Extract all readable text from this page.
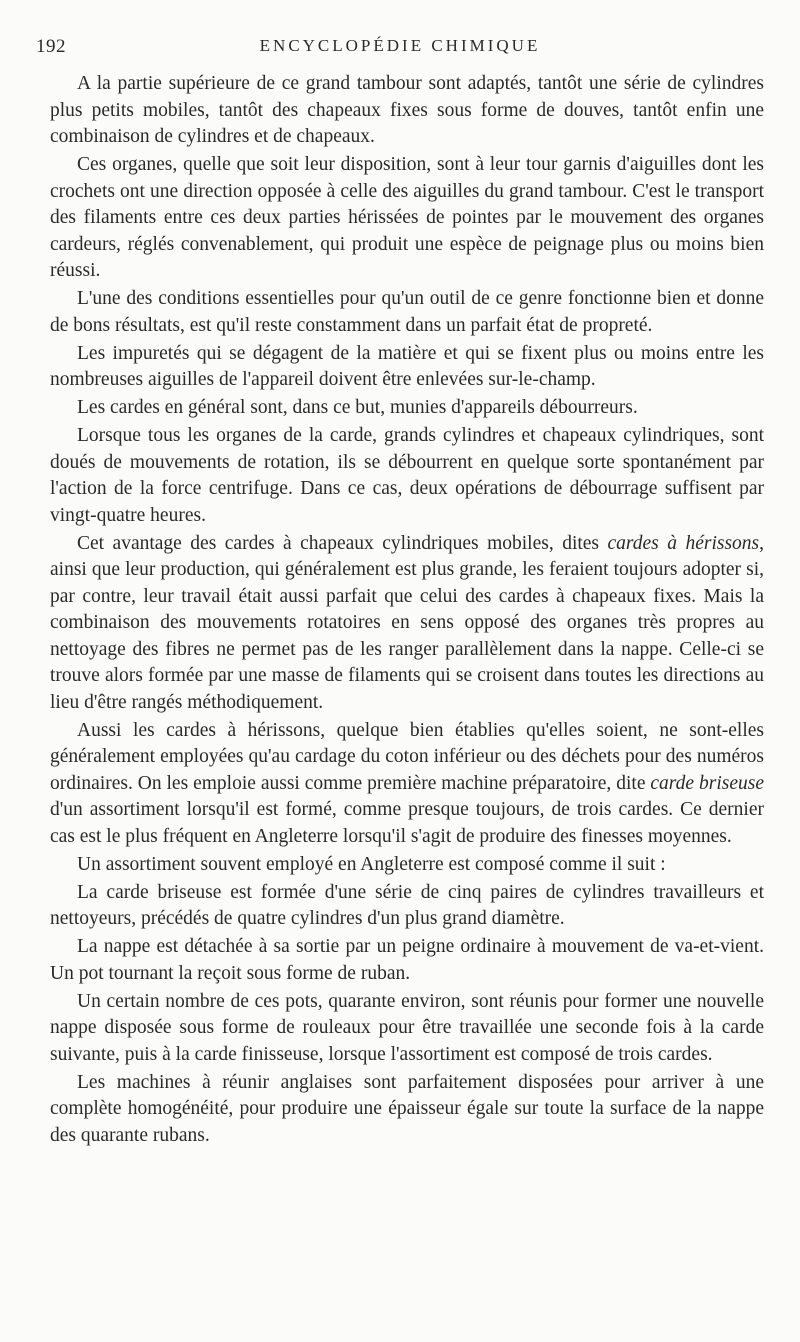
192	ENCYCLOPÉDIE CHIMIQUE

A la partie supérieure de ce grand tambour sont adaptés, tantôt une série de cylindres plus petits mobiles, tantôt des chapeaux fixes sous forme de douves, tantôt enfin une combinaison de cylindres et de chapeaux.

Ces organes, quelle que soit leur disposition, sont à leur tour garnis d'aiguilles dont les crochets ont une direction opposée à celle des aiguilles du grand tambour. C'est le transport des filaments entre ces deux parties hérissées de pointes par le mouvement des organes cardeurs, réglés convenablement, qui produit une espèce de peignage plus ou moins bien réussi.

L'une des conditions essentielles pour qu'un outil de ce genre fonctionne bien et donne de bons résultats, est qu'il reste constamment dans un parfait état de propreté.

Les impuretés qui se dégagent de la matière et qui se fixent plus ou moins entre les nombreuses aiguilles de l'appareil doivent être enlevées sur-le-champ.

Les cardes en général sont, dans ce but, munies d'appareils débourreurs.

Lorsque tous les organes de la carde, grands cylindres et chapeaux cylindriques, sont doués de mouvements de rotation, ils se débourrent en quelque sorte spontanément par l'action de la force centrifuge. Dans ce cas, deux opérations de débourrage suffisent par vingt-quatre heures.

Cet avantage des cardes à chapeaux cylindriques mobiles, dites cardes à hérissons, ainsi que leur production, qui généralement est plus grande, les feraient toujours adopter si, par contre, leur travail était aussi parfait que celui des cardes à chapeaux fixes. Mais la combinaison des mouvements rotatoires en sens opposé des organes très propres au nettoyage des fibres ne permet pas de les ranger parallèlement dans la nappe. Celle-ci se trouve alors formée par une masse de filaments qui se croisent dans toutes les directions au lieu d'être rangés méthodiquement.

Aussi les cardes à hérissons, quelque bien établies qu'elles soient, ne sont-elles généralement employées qu'au cardage du coton inférieur ou des déchets pour des numéros ordinaires. On les emploie aussi comme première machine préparatoire, dite carde briseuse d'un assortiment lorsqu'il est formé, comme presque toujours, de trois cardes. Ce dernier cas est le plus fréquent en Angleterre lorsqu'il s'agit de produire des finesses moyennes.

Un assortiment souvent employé en Angleterre est composé comme il suit :

La carde briseuse est formée d'une série de cinq paires de cylindres travailleurs et nettoyeurs, précédés de quatre cylindres d'un plus grand diamètre.

La nappe est détachée à sa sortie par un peigne ordinaire à mouvement de va-et-vient. Un pot tournant la reçoit sous forme de ruban.

Un certain nombre de ces pots, quarante environ, sont réunis pour former une nouvelle nappe disposée sous forme de rouleaux pour être travaillée une seconde fois à la carde suivante, puis à la carde finisseuse, lorsque l'assortiment est composé de trois cardes.

Les machines à réunir anglaises sont parfaitement disposées pour arriver à une complète homogénéité, pour produire une épaisseur égale sur toute la surface de la nappe des quarante rubans.
